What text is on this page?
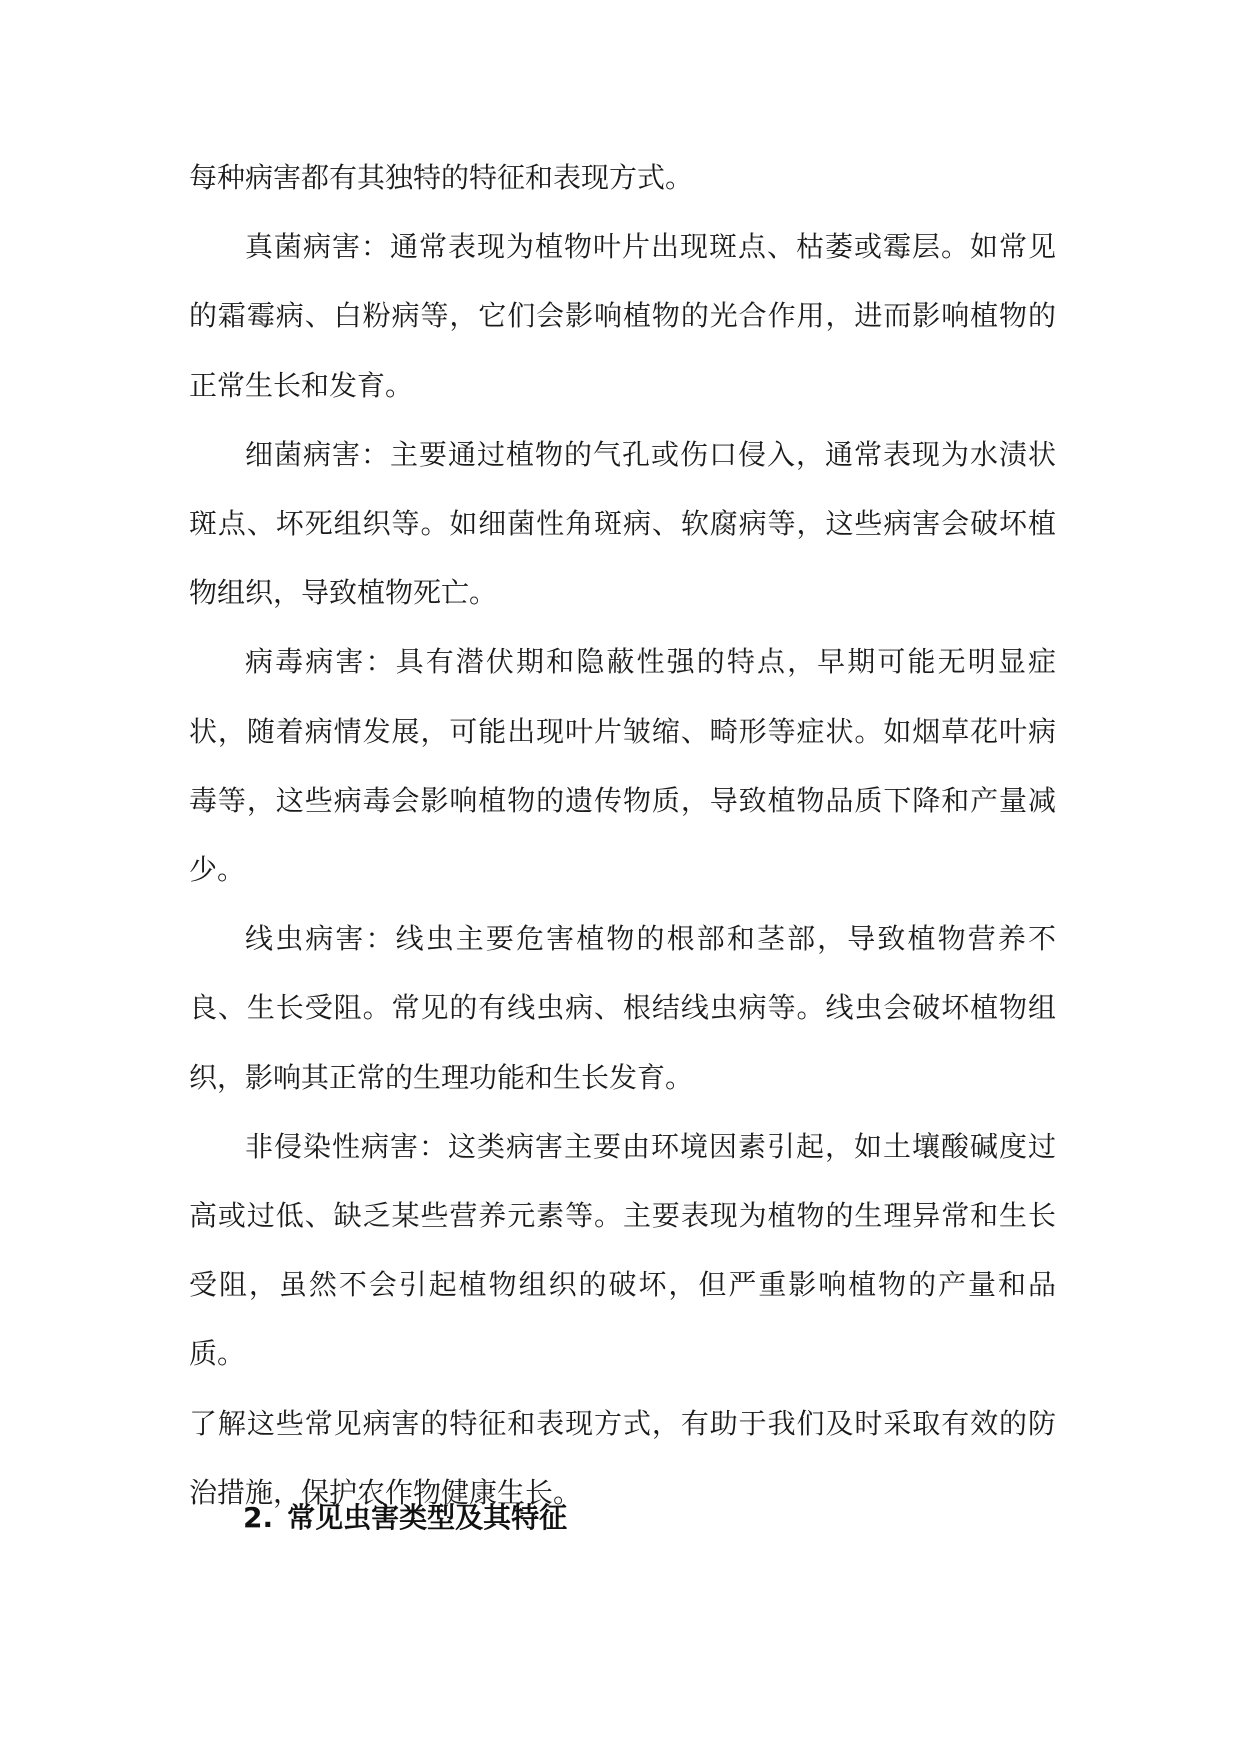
每种病害都有其独特的特征和表现方式。

真菌病害：通常表现为植物叶片出现斑点、枯萎或霉层。如常见的霜霉病、白粉病等，它们会影响植物的光合作用，进而影响植物的正常生长和发育。

细菌病害：主要通过植物的气孔或伤口侵入，通常表现为水渍状斑点、坏死组织等。如细菌性角斑病、软腐病等，这些病害会破坏植物组织，导致植物死亡。

病毒病害：具有潜伏期和隐蔽性强的特点，早期可能无明显症状，随着病情发展，可能出现叶片皱缩、畸形等症状。如烟草花叶病毒等，这些病毒会影响植物的遗传物质，导致植物品质下降和产量减少。

线虫病害：线虫主要危害植物的根部和茎部，导致植物营养不良、生长受阻。常见的有线虫病、根结线虫病等。线虫会破坏植物组织，影响其正常的生理功能和生长发育。

非侵染性病害：这类病害主要由环境因素引起，如土壤酸碱度过高或过低、缺乏某些营养元素等。主要表现为植物的生理异常和生长受阻，虽然不会引起植物组织的破坏，但严重影响植物的产量和品质。

了解这些常见病害的特征和表现方式，有助于我们及时采取有效的防治措施，保护农作物健康生长。

2. 常见虫害类型及其特征
